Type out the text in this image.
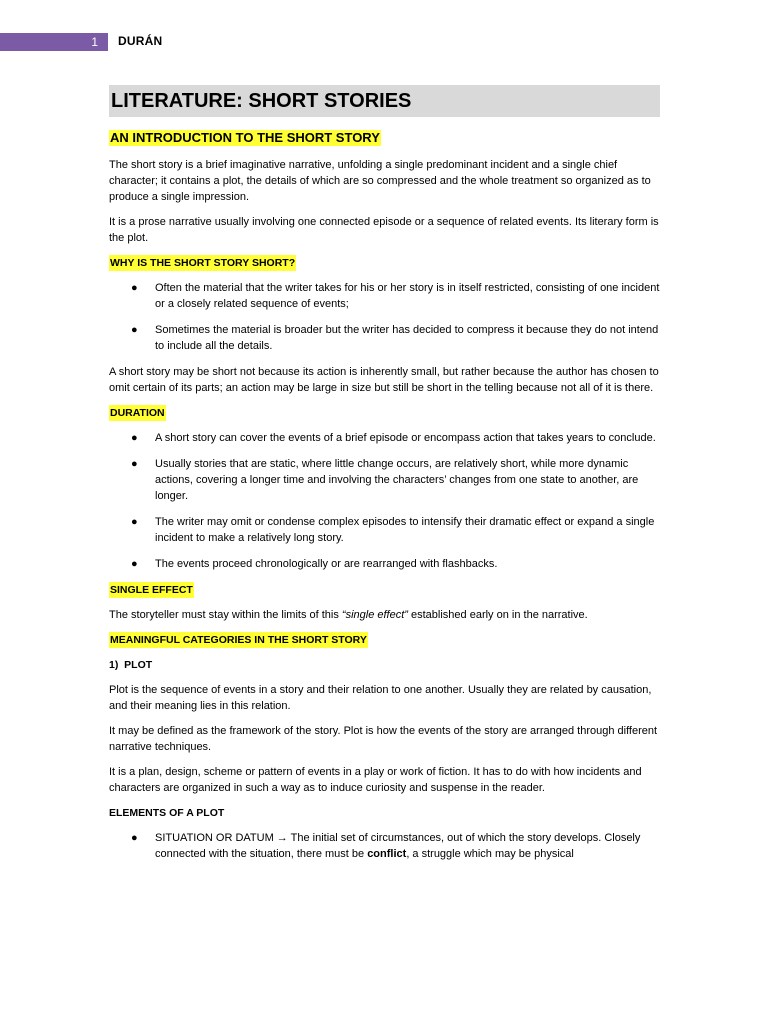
1 DURÁN
LITERATURE: SHORT STORIES
AN INTRODUCTION TO THE SHORT STORY

The short story is a brief imaginative narrative, unfolding a single predominant incident and a single chief character; it contains a plot, the details of which are so compressed and the whole treatment so organized as to produce a single impression.

It is a prose narrative usually involving one connected episode or a sequence of related events. Its literary form is the plot.

WHY IS THE SHORT STORY SHORT?
● Often the material that the writer takes for his or her story is in itself restricted, consisting of one incident or a closely related sequence of events;
● Sometimes the material is broader but the writer has decided to compress it because they do not intend to include all the details.

A short story may be short not because its action is inherently small, but rather because the author has chosen to omit certain of its parts; an action may be large in size but still be short in the telling because not all of it is there.

DURATION
● A short story can cover the events of a brief episode or encompass action that takes years to conclude.
● Usually stories that are static, where little change occurs, are relatively short, while more dynamic actions, covering a longer time and involving the characters’ changes from one state to another, are longer.
● The writer may omit or condense complex episodes to intensify their dramatic effect or expand a single incident to make a relatively long story.
● The events proceed chronologically or are rearranged with flashbacks.
SINGLE EFFECT

The storyteller must stay within the limits of this “single effect” established early on in the narrative.

MEANINGFUL CATEGORIES IN THE SHORT STORY
1)  PLOT

Plot is the sequence of events in a story and their relation to one another. Usually they are related by causation, and their meaning lies in this relation.

It may be defined as the framework of the story. Plot is how the events of the story are arranged through different narrative techniques.

It is a plan, design, scheme or pattern of events in a play or work of fiction. It has to do with how incidents and characters are organized in such a way as to induce curiosity and suspense in the reader.

ELEMENTS OF A PLOT
● SITUATION OR DATUM → The initial set of circumstances, out of which the story develops. Closely connected with the situation, there must be conflict, a struggle which may be physical
